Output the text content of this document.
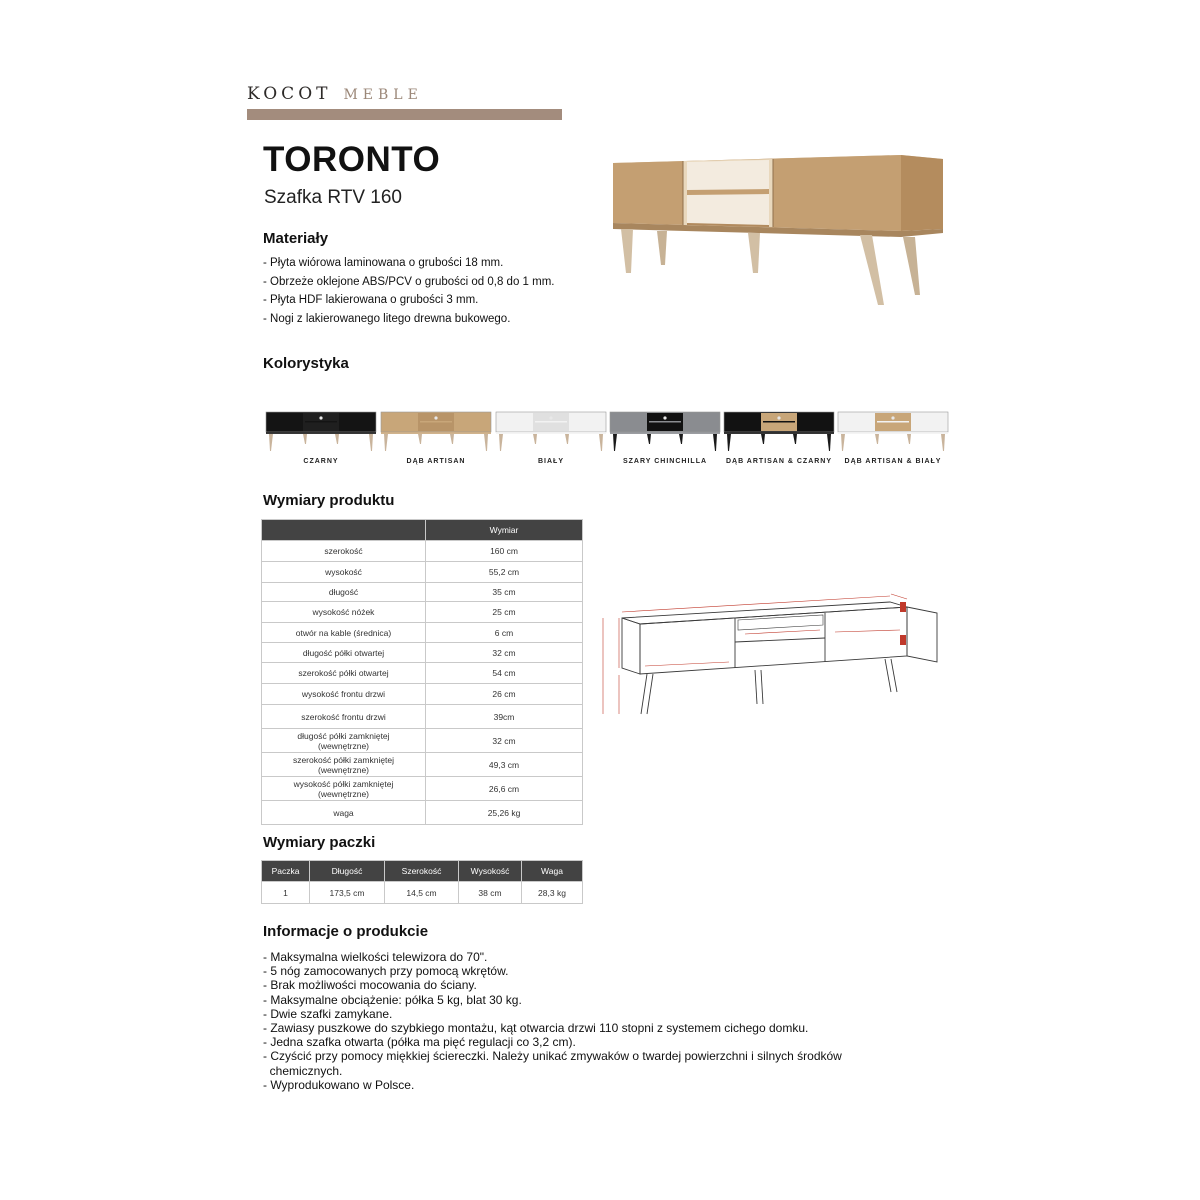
KOCOT MEBLE
TORONTO
Szafka RTV 160
Materiały
- Płyta wiórowa laminowana o grubości 18 mm.
- Obrzeże oklejone ABS/PCV o grubości od 0,8 do 1 mm.
- Płyta HDF lakierowana o grubości 3 mm.
- Nogi z lakierowanego litego drewna bukowego.
Kolorystyka
CZARNY	DĄB ARTISAN	BIAŁY	SZARY CHINCHILLA	DĄB ARTISAN & CZARNY	DĄB ARTISAN & BIAŁY
Wymiary produktu
	Wymiar
szerokość	160 cm
wysokość	55,2 cm
długość	35 cm
wysokość nóżek	25 cm
otwór na kable (średnica)	6 cm
długość półki otwartej	32 cm
szerokość półki otwartej	54 cm
wysokość frontu drzwi	26 cm
szerokość frontu drzwi	39cm
długość półki zamkniętej
(wewnętrzne)	32 cm
szerokość półki zamkniętej
(wewnętrzne)	49,3 cm
wysokość półki zamkniętej
(wewnętrzne)	26,6 cm
waga	25,26 kg
Wymiary paczki
Paczka	Długość	Szerokość	Wysokość	Waga
1	173,5 cm	14,5 cm	38 cm	28,3 kg
Informacje o produkcie
- Maksymalna wielkości telewizora do 70".
- 5 nóg zamocowanych przy pomocą wkrętów.
- Brak możliwości mocowania do ściany.
- Maksymalne obciążenie: półka 5 kg, blat 30 kg.
- Dwie szafki zamykane.
- Zawiasy puszkowe do szybkiego montażu, kąt otwarcia drzwi 110 stopni z systemem cichego domku.
- Jedna szafka otwarta (półka ma pięć regulacji co 3,2 cm).
- Czyścić przy pomocy miękkiej ściereczki. Należy unikać zmywaków o twardej powierzchni i silnych środków
chemicznych.
- Wyprodukowano w Polsce.
